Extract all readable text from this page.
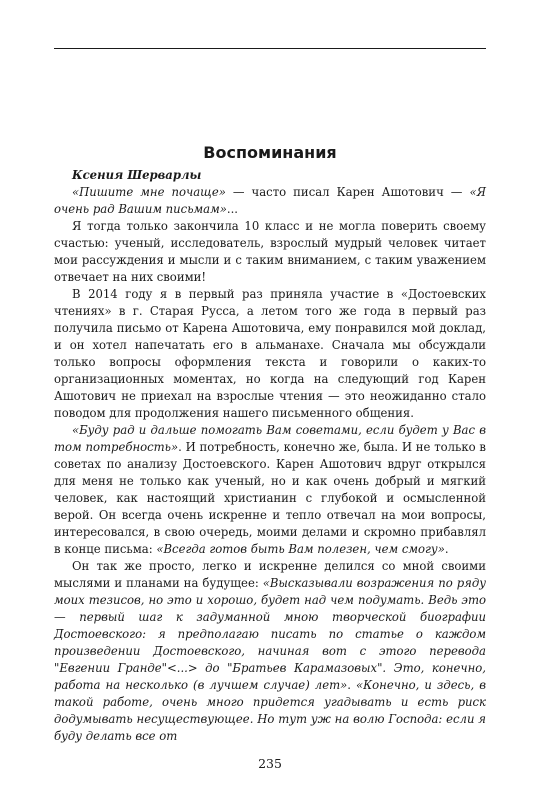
Воспоминания

Ксения Шерварлы

«Пишите мне почаще» — часто писал Карен Ашотович — «Я очень рад Вашим письмам»...

Я тогда только закончила 10 класс и не могла поверить своему счастью: ученый, исследователь, взрослый мудрый человек читает мои рассуждения и мысли и с таким вниманием, с таким уважением отвечает на них своими!

В 2014 году я в первый раз приняла участие в «Достоевских чтениях» в г. Старая Русса, а летом того же года в первый раз получила письмо от Карена Ашотовича, ему понравился мой доклад, и он хотел напечатать его в альманахе. Сначала мы обсуждали только вопросы оформления текста и говорили о каких-то организационных моментах, но когда на следующий год Карен Ашотович не приехал на взрослые чтения — это неожиданно стало поводом для продолжения нашего письменного общения.

«Буду рад и дальше помогать Вам советами, если будет у Вас в том потребность». И потребность, конечно же, была. И не только в советах по анализу Достоевского. Карен Ашотович вдруг открылся для меня не только как ученый, но и как очень добрый и мягкий человек, как настоящий христианин с глубокой и осмысленной верой. Он всегда очень искренне и тепло отвечал на мои вопросы, интересовался, в свою очередь, моими делами и скромно прибавлял в конце письма: «Всегда готов быть Вам полезен, чем смогу».

Он так же просто, легко и искренне делился со мной своими мыслями и планами на будущее: «Высказывали возражения по ряду моих тезисов, но это и хорошо, будет над чем подумать. Ведь это — первый шаг к задуманной мною творческой биографии Достоевского: я предполагаю писать по статье о каждом произведении Достоевского, начиная вот с этого перевода "Евгении Гранде"<...> до "Братьев Карамазовых". Это, конечно, работа на несколько (в лучшем случае) лет». «Конечно, и здесь, в такой работе, очень много придется угадывать и есть риск додумывать несуществующее. Но тут уж на волю Господа: если я буду делать все от

235
